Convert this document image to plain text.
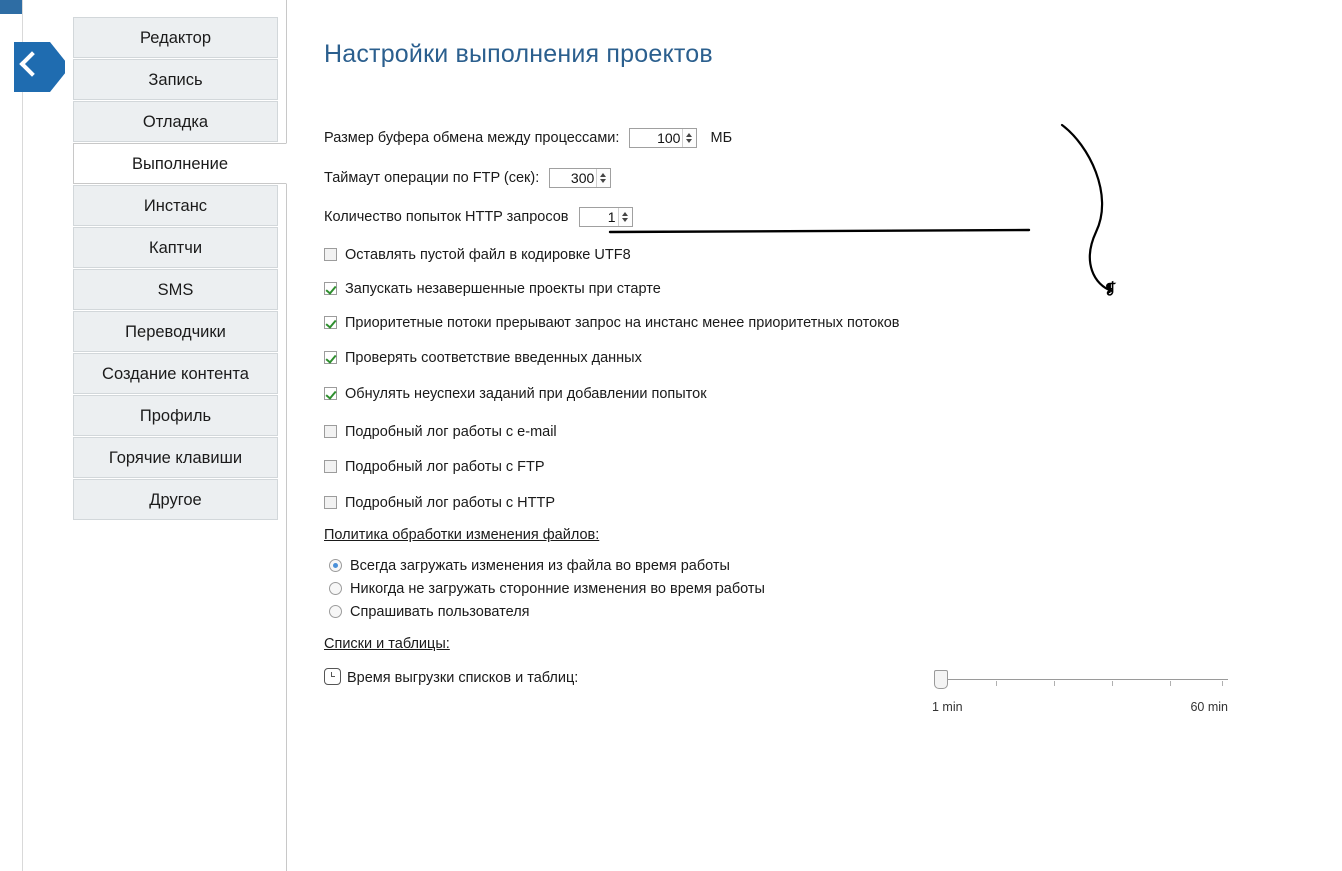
Редактор
Запись
Отладка
Выполнение
Инстанс
Каптчи
SMS
Переводчики
Создание контента
Профиль
Горячие клавиши
Другое
Настройки выполнения проектов
Размер буфера обмена между процессами:	100 МБ
Таймаут операции по FTP (сек): 300
Количество попыток HTTP запросов	1
Оставлять пустой файл в кодировке UTF8
Запускать незавершенные проекты при старте
Приоритетные потоки прерывают запрос на инстанс менее приоритетных потоков
Проверять соответствие введенных данных
Обнулять неуспехи заданий при добавлении попыток
Подробный лог работы с e-mail
Подробный лог работы с FTP
Подробный лог работы с HTTP
Политика обработки изменения файлов:
Всегда загружать изменения из файла во время работы
Никогда не загружать сторонние изменения во время работы
Спрашивать пользователя
Списки и таблицы:
Время выгрузки списков и таблиц:
1 min	60 min
❡
